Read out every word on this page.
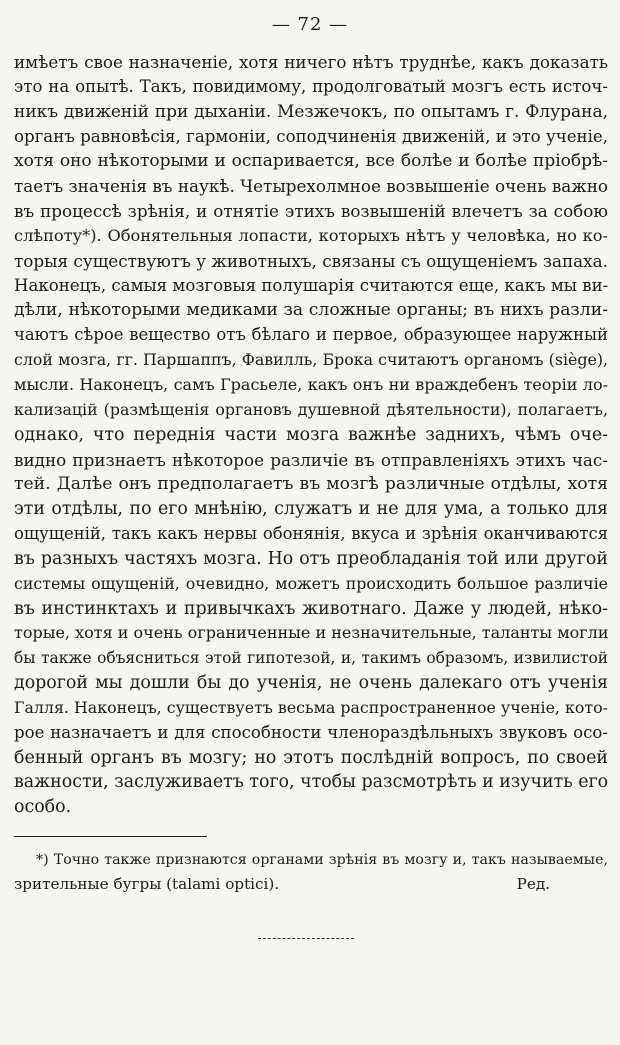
— 72 —
имѣетъ свое назначеніе, хотя ничего нѣтъ труднѣе, какъ доказать
это на опытѣ. Такъ, повидимому, продолговатый мозгъ есть источ-
никъ движеній при дыханіи. Мезжечокъ, по опытамъ г. Флурана,
органъ равновѣсія, гармоніи, соподчиненія движеній, и это ученіе,
хотя оно нѣкоторыми и оспаривается, все болѣе и болѣе пріобрѣ-
таетъ значенія въ наукѣ. Четырехолмное возвышеніе очень важно
въ процессѣ зрѣнія, и отнятіе этихъ возвышеній влечетъ за собою
слѣпоту*). Обонятельныя лопасти, которыхъ нѣтъ у человѣка, но ко-
торыя существуютъ у животныхъ, связаны съ ощущеніемъ запаха.
Наконецъ, самыя мозговыя полушарія считаются еще, какъ мы ви-
дѣли, нѣкоторыми медиками за сложные органы; въ нихъ разли-
чаютъ сѣрое вещество отъ бѣлаго и первое, образующее наружный
слой мозга, гг. Паршаппъ, Фавилль, Брока считаютъ органомъ (siège),
мысли. Наконецъ, самъ Грасьеле, какъ онъ ни враждебенъ теоріи ло-
кализацій (размѣщенія органовъ душевной дѣятельности), полагаетъ,
однако, что переднія части мозга важнѣе заднихъ, чѣмъ оче-
видно признаетъ нѣкоторое различіе въ отправленіяхъ этихъ час-
тей. Далѣе онъ предполагаетъ въ мозгѣ различные отдѣлы, хотя
эти отдѣлы, по его мнѣнію, служатъ и не для ума, а только для
ощущеній, такъ какъ нервы обонянія, вкуса и зрѣнія оканчиваются
въ разныхъ частяхъ мозга. Но отъ преобладанія той или другой
системы ощущеній, очевидно, можетъ происходить большое различіе
въ инстинктахъ и привычкахъ животнаго. Даже у людей, нѣко-
торые, хотя и очень ограниченные и незначительные, таланты могли
бы также объясниться этой гипотезой, и, такимъ образомъ, извилистой
дорогой мы дошли бы до ученія, не очень далекаго отъ ученія
Галля. Наконецъ, существуетъ весьма распространенное ученіе, кото-
рое назначаетъ и для способности членораздѣльныхъ звуковъ осо-
бенный органъ въ мозгу; но этотъ послѣдній вопросъ, по своей
важности, заслуживаетъ того, чтобы разсмотрѣть и изучить его
особо.
*) Точно также признаются органами зрѣнія въ мозгу и, такъ называемые,
зрительные бугры (talami optici).	Ред.
